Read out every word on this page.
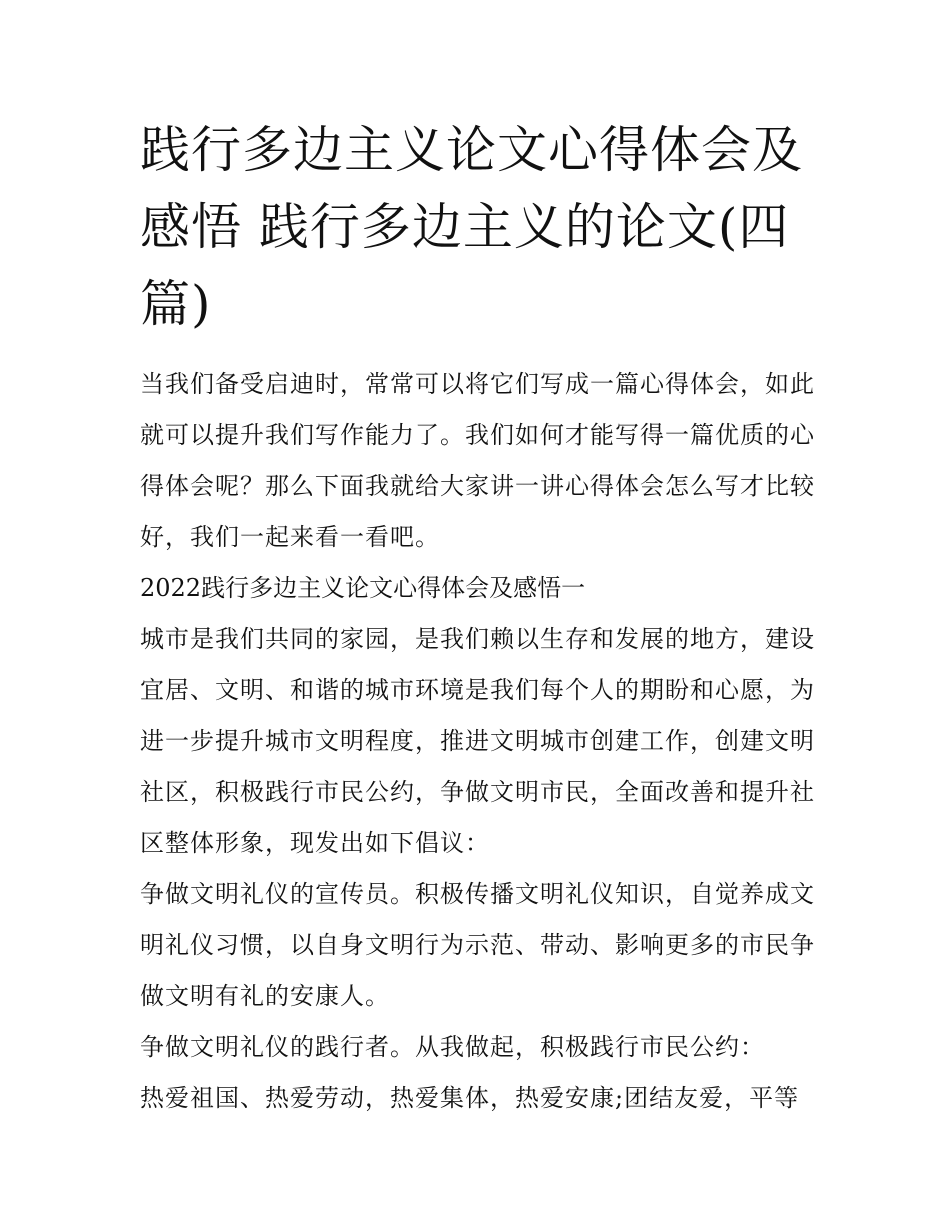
践行多边主义论文心得体会及感悟 践行多边主义的论文(四篇)

当我们备受启迪时，常常可以将它们写成一篇心得体会，如此就可以提升我们写作能力了。我们如何才能写得一篇优质的心得体会呢？那么下面我就给大家讲一讲心得体会怎么写才比较好，我们一起来看一看吧。

2022践行多边主义论文心得体会及感悟一

城市是我们共同的家园，是我们赖以生存和发展的地方，建设宜居、文明、和谐的城市环境是我们每个人的期盼和心愿，为进一步提升城市文明程度，推进文明城市创建工作，创建文明社区，积极践行市民公约，争做文明市民，全面改善和提升社区整体形象，现发出如下倡议：

争做文明礼仪的宣传员。积极传播文明礼仪知识，自觉养成文明礼仪习惯，以自身文明行为示范、带动、影响更多的市民争做文明有礼的安康人。

争做文明礼仪的践行者。从我做起，积极践行市民公约：

热爱祖国、热爱劳动，热爱集体，热爱安康;团结友爱，平等
